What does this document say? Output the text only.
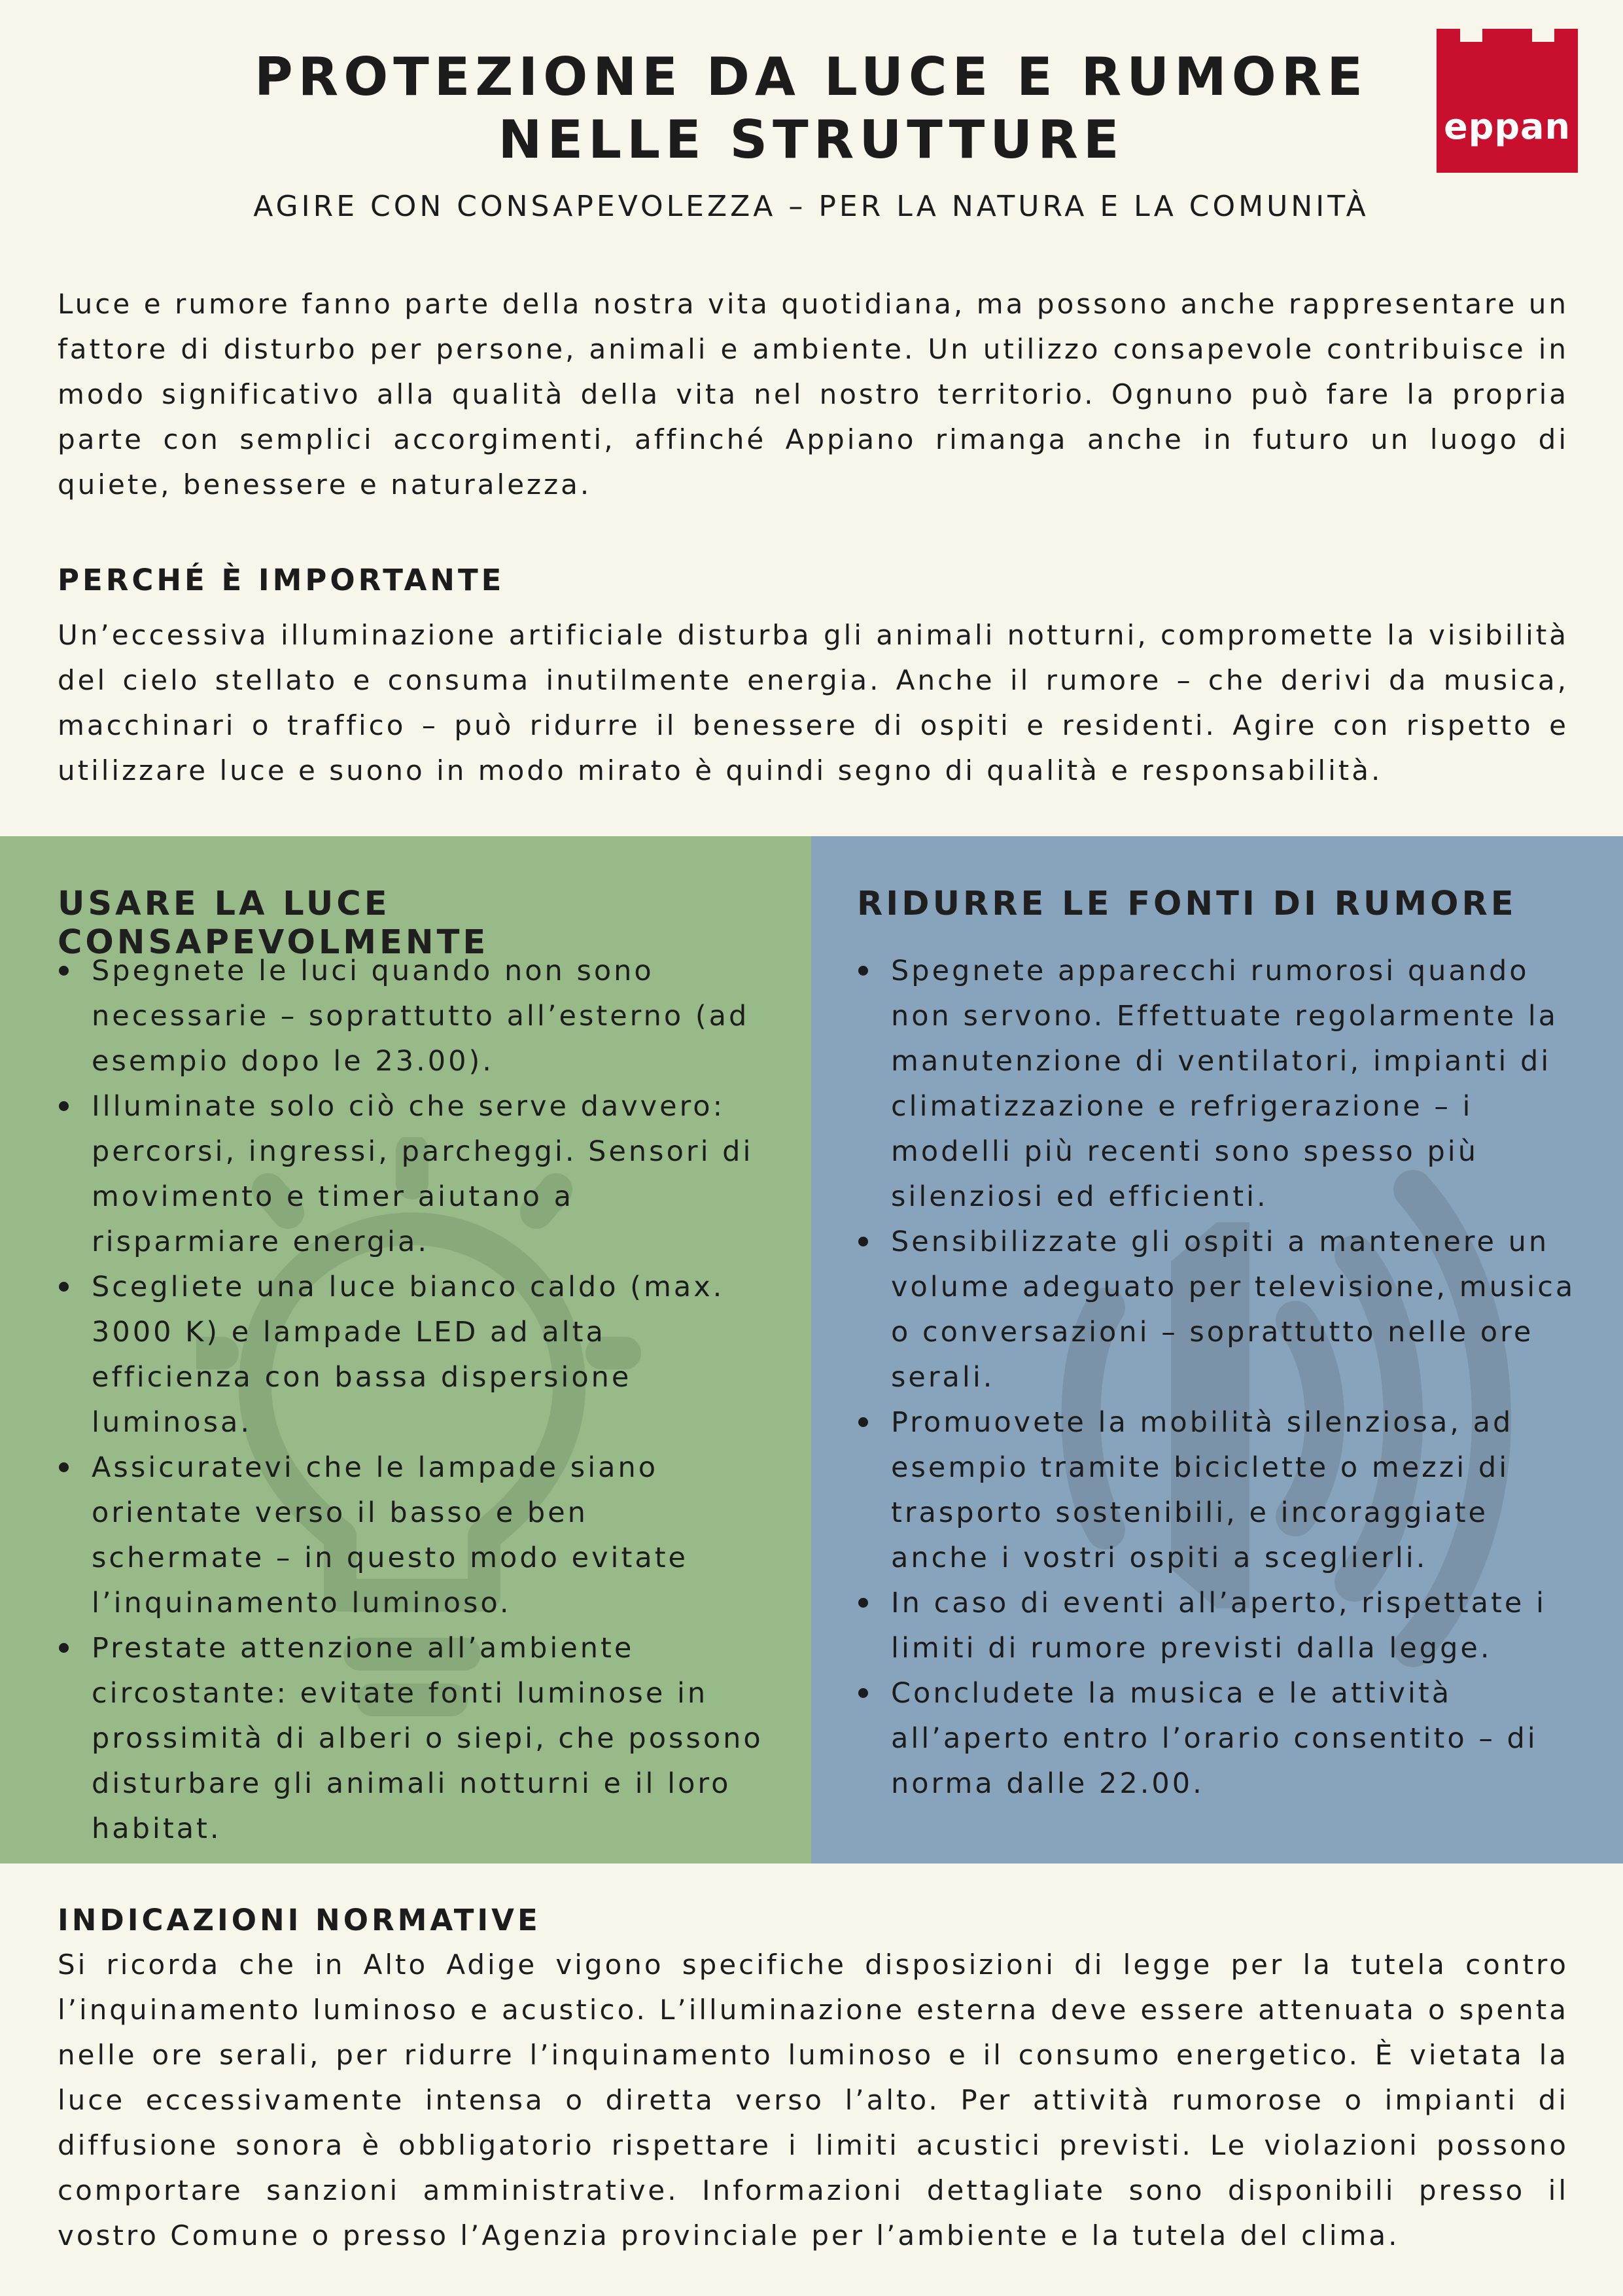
PROTEZIONE DA LUCE E RUMORE
NELLE STRUTTURE

AGIRE CON CONSAPEVOLEZZA – PER LA NATURA E LA COMUNITÀ

eppan

Luce e rumore fanno parte della nostra vita quotidiana, ma possono anche rappresentare un fattore di disturbo per persone, animali e ambiente. Un utilizzo consapevole contribuisce in modo significativo alla qualità della vita nel nostro territorio. Ognuno può fare la propria parte con semplici accorgimenti, affinché Appiano rimanga anche in futuro un luogo di quiete, benessere e naturalezza.

PERCHÉ È IMPORTANTE

Un’eccessiva illuminazione artificiale disturba gli animali notturni, compromette la visibilità del cielo stellato e consuma inutilmente energia. Anche il rumore – che derivi da musica, macchinari o traffico – può ridurre il benessere di ospiti e residenti. Agire con rispetto e utilizzare luce e suono in modo mirato è quindi segno di qualità e responsabilità.

USARE LA LUCE CONSAPEVOLMENTE
Spegnete le luci quando non sono necessarie – soprattutto all’esterno (ad esempio dopo le 23.00).
Illuminate solo ciò che serve davvero: percorsi, ingressi, parcheggi. Sensori di movimento e timer aiutano a risparmiare energia.
Scegliete una luce bianco caldo (max. 3000 K) e lampade LED ad alta efficienza con bassa dispersione luminosa.
Assicuratevi che le lampade siano orientate verso il basso e ben schermate – in questo modo evitate l’inquinamento luminoso.
Prestate attenzione all’ambiente circostante: evitate fonti luminose in prossimità di alberi o siepi, che possono disturbare gli animali notturni e il loro habitat.
RIDURRE LE FONTI DI RUMORE
Spegnete apparecchi rumorosi quando non servono. Effettuate regolarmente la manutenzione di ventilatori, impianti di climatizzazione e refrigerazione – i modelli più recenti sono spesso più silenziosi ed efficienti.
Sensibilizzate gli ospiti a mantenere un volume adeguato per televisione, musica o conversazioni – soprattutto nelle ore serali.
Promuovete la mobilità silenziosa, ad esempio tramite biciclette o mezzi di trasporto sostenibili, e incoraggiate anche i vostri ospiti a sceglierli.
In caso di eventi all’aperto, rispettate i limiti di rumore previsti dalla legge.
Concludete la musica e le attività all’aperto entro l’orario consentito – di norma dalle 22.00.
INDICAZIONI NORMATIVE

Si ricorda che in Alto Adige vigono specifiche disposizioni di legge per la tutela contro l’inquinamento luminoso e acustico. L’illuminazione esterna deve essere attenuata o spenta nelle ore serali, per ridurre l’inquinamento luminoso e il consumo energetico. È vietata la luce eccessivamente intensa o diretta verso l’alto. Per attività rumorose o impianti di diffusione sonora è obbligatorio rispettare i limiti acustici previsti. Le violazioni possono comportare sanzioni amministrative. Informazioni dettagliate sono disponibili presso il vostro Comune o presso l’Agenzia provinciale per l’ambiente e la tutela del clima.
